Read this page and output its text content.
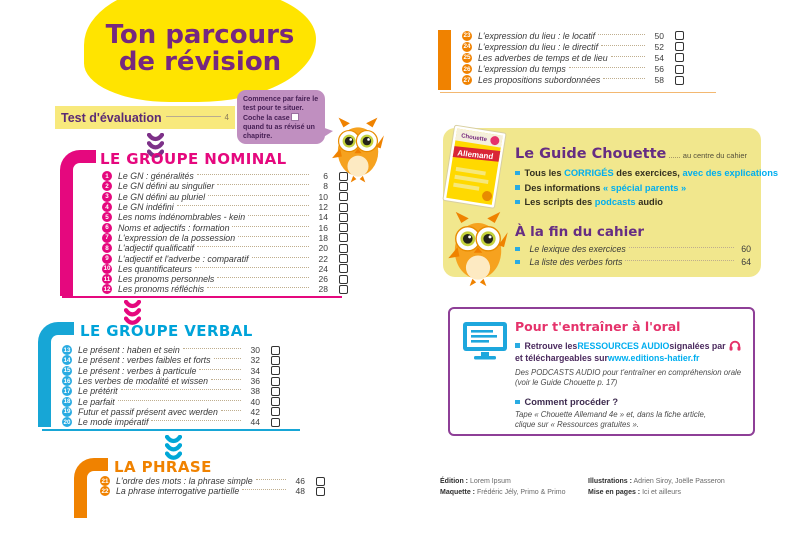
Ton parcours
de révision
Commence par faire le test pour te situer. Coche la casequand tu as révisé un chapitre.
Test d'évaluation	4
LE GROUPE NOMINAL
1	Le GN : généralités	6
2	Le GN défini au singulier	8
3	Le GN défini au pluriel	10
4	Le GN indéfini	12
5	Les noms indénombrables - kein	14
6	Noms et adjectifs : formation	16
7	L'expression de la possession	18
8	L'adjectif qualificatif	20
9	L'adjectif et l'adverbe : comparatif	22
10 Les quantificateurs	24
11 Les pronoms personnels	26
12 Les pronoms réfléchis	28
LE GROUPE VERBAL
13 Le présent : haben et sein	30
14 Le présent : verbes faibles et forts	32
15 Le présent : verbes à particule	34
16 Les verbes de modalité et wissen	36
17 Le prétérit	38
18 Le parfait	40
19 Futur et passif présent avec werden	42
20 Le mode impératif	44
LA PHRASE
21 L'ordre des mots : la phrase simple	46
22 La phrase interrogative partielle	48
23 L'expression du lieu : le locatif	50
24 L'expression du lieu : le directif	52
25 Les adverbes de temps et de lieu	54
26 L'expression du temps	56
27 Les propositions subordonnées	58
Le Guide Chouette au centre du cahier
Tous les CORRIGÉS des exercices, avec des explications
Des informations « spécial parents »
Les scripts des podcasts audio
À la fin du cahier
Le lexique des exercices	60
La liste des verbes forts	64
Chouette
Allemand
Pour t'entraîner à l'oral
Retrouve les RESSOURCES AUDIO signalées par
et téléchargeables sur www.editions-hatier.fr
Des PODCASTS AUDIO pour t'entraîner en compréhension orale
(voir le Guide Chouette p. 17)
Comment procéder ?
Tape « Chouette Allemand 4e » et, dans la fiche article,
clique sur « Ressources gratuites ».
Édition : Lorem Ipsum
Maquette : Frédéric Jély, Primo & Primo
Illustrations : Adrien Siroy, Joëlle Passeron
Mise en pages : Ici et ailleurs
